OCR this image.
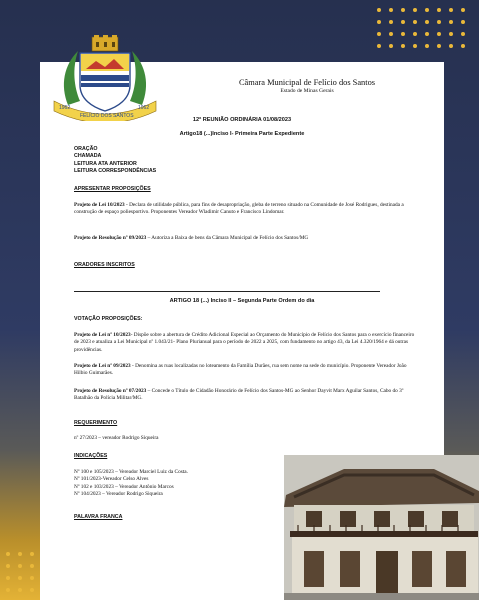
Câmara Municipal de Felício dos Santos
Estado de Minas Gerais
12ª REUNIÃO ORDINÁRIA 01/08/2023
Artigo18 (...)Inciso I- Primeira Parte Expediente
ORAÇÃO
CHAMADA
LEITURA ATA ANTERIOR
LEITURA CORRESPONDÊNCIAS
APRESENTAR PROPOSIÇÕES
Projeto de Lei 10/2023 - Declara de utilidade pública, para fins de desapropriação, gleba de terreno situado na Comunidade de José Rodrigues, destinada a construção de espaço poliesportivo. Proponentes Vereador Wladimir Canuto e Francisco Lindomar.
Projeto de Resolução nº 09/2023 – Autoriza a Baixa de bens da Câmara Municipal de Felício dos Santos/MG
ORADORES INSCRITOS
ARTIGO 18 (...) Inciso II – Segunda Parte Ordem do dia
VOTAÇÃO PROPOSIÇÕES:
Projeto de Lei nº 10/2023- Dispõe sobre a abertura de Crédito Adicional Especial ao Orçamento do Município de Felício dos Santos para o exercício financeiro de 2023 e atualiza a Lei Municipal nº 1.043/21- Plano Plurianual para o período de 2022 a 2025, com fundamento no artigo 43, da Lei 4.320/1964 e dá outras providências.
Projeto de Lei nº 09/2023 - Denomina as ruas localizadas no loteamento da Família Durães, rua sem nome na sede do município. Proponente Vereador João Hilbio Guimarães.
Projeto de Resolução nº 07/2023 – Concede o Título de Cidadão Honorário de Felício dos Santos-MG ao Senhor Dayvit Marx Aguilar Santos, Cabo do 3º Batalhão da Polícia Militar/MG.
REQUERIMENTO
nº 27/2023 – vereador Rodrigo Siqueira
INDICAÇÕES
Nº 100 e 105/2023 – Vereador Marciel Luiz da Costa.
Nº 101/2023-Vereador Celso Alves
Nº 102 e 103/2023 – Vereador Antônio Marcos
Nº 104/2023 – Vereador Rodrigo Siqueira
PALAVRA FRANCA
1962
FELÍCIO DOS SANTOS
1962
